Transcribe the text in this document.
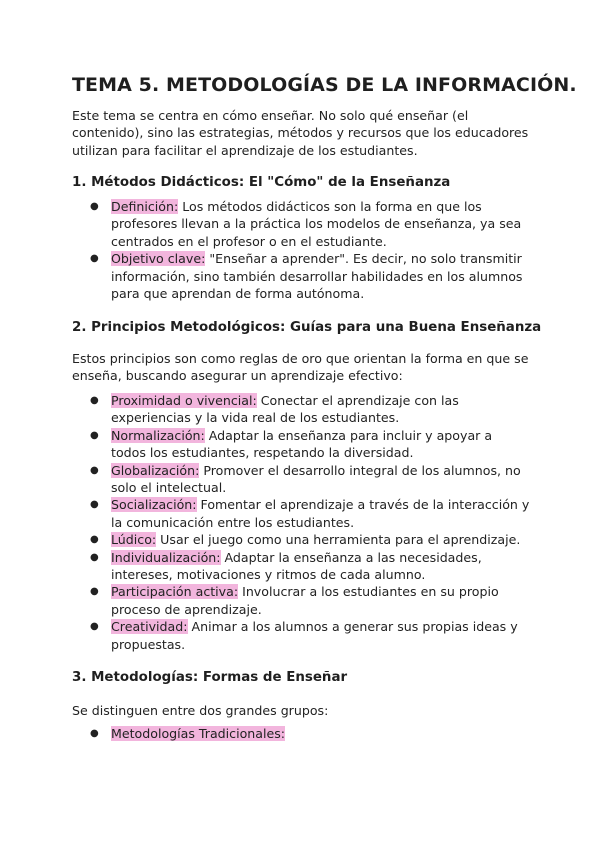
TEMA 5. METODOLOGÍAS DE LA INFORMACIÓN.

Este tema se centra en cómo enseñar. No solo qué enseñar (el contenido), sino las estrategias, métodos y recursos que los educadores utilizan para facilitar el aprendizaje de los estudiantes.

1. Métodos Didácticos: El "Cómo" de la Enseñanza
● Definición: Los métodos didácticos son la forma en que los profesores llevan a la práctica los modelos de enseñanza, ya sea centrados en el profesor o en el estudiante.
● Objetivo clave: "Enseñar a aprender". Es decir, no solo transmitir información, sino también desarrollar habilidades en los alumnos para que aprendan de forma autónoma.
2. Principios Metodológicos: Guías para una Buena Enseñanza

Estos principios son como reglas de oro que orientan la forma en que se enseña, buscando asegurar un aprendizaje efectivo:

● Proximidad o vivencial: Conectar el aprendizaje con las experiencias y la vida real de los estudiantes.
● Normalización: Adaptar la enseñanza para incluir y apoyar a todos los estudiantes, respetando la diversidad.
● Globalización: Promover el desarrollo integral de los alumnos, no solo el intelectual.
● Socialización: Fomentar el aprendizaje a través de la interacción y la comunicación entre los estudiantes.
● Lúdico: Usar el juego como una herramienta para el aprendizaje.
● Individualización: Adaptar la enseñanza a las necesidades, intereses, motivaciones y ritmos de cada alumno.
● Participación activa: Involucrar a los estudiantes en su propio proceso de aprendizaje.
● Creatividad: Animar a los alumnos a generar sus propias ideas y propuestas.
3. Metodologías: Formas de Enseñar

Se distinguen entre dos grandes grupos:

● Metodologías Tradicionales:
